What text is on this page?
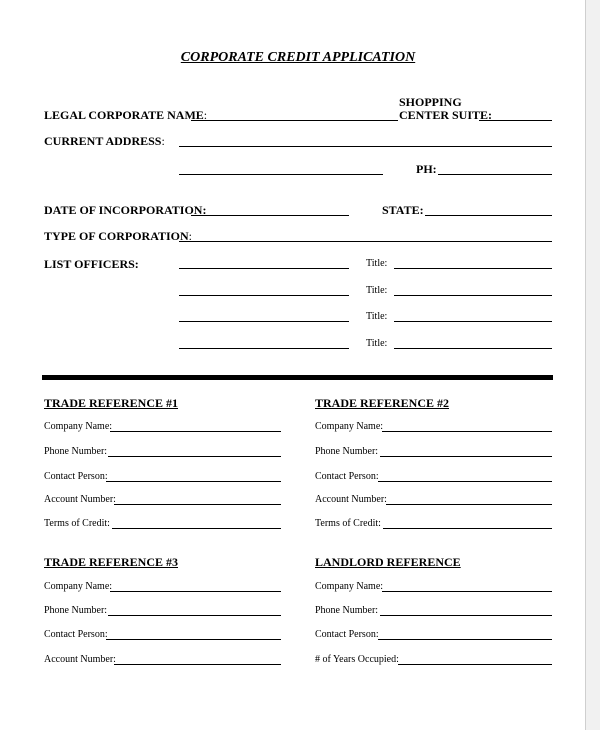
CORPORATE CREDIT APPLICATION
LEGAL CORPORATE NAME:
SHOPPING
CENTER SUITE:
CURRENT ADDRESS:
PH:
DATE OF INCORPORATION:	STATE:
TYPE OF CORPORATION:
LIST OFFICERS:	Title:
Title:
Title:
Title:
TRADE REFERENCE #1
Company Name:
Phone Number:
Contact Person:
Account Number:
Terms of Credit:
TRADE REFERENCE #2
Company Name:
Phone Number:
Contact Person:
Account Number:
Terms of Credit:
TRADE REFERENCE #3
Company Name:
Phone Number:
Contact Person:
Account Number:
LANDLORD REFERENCE
Company Name:
Phone Number:
Contact Person:
# of Years Occupied:
